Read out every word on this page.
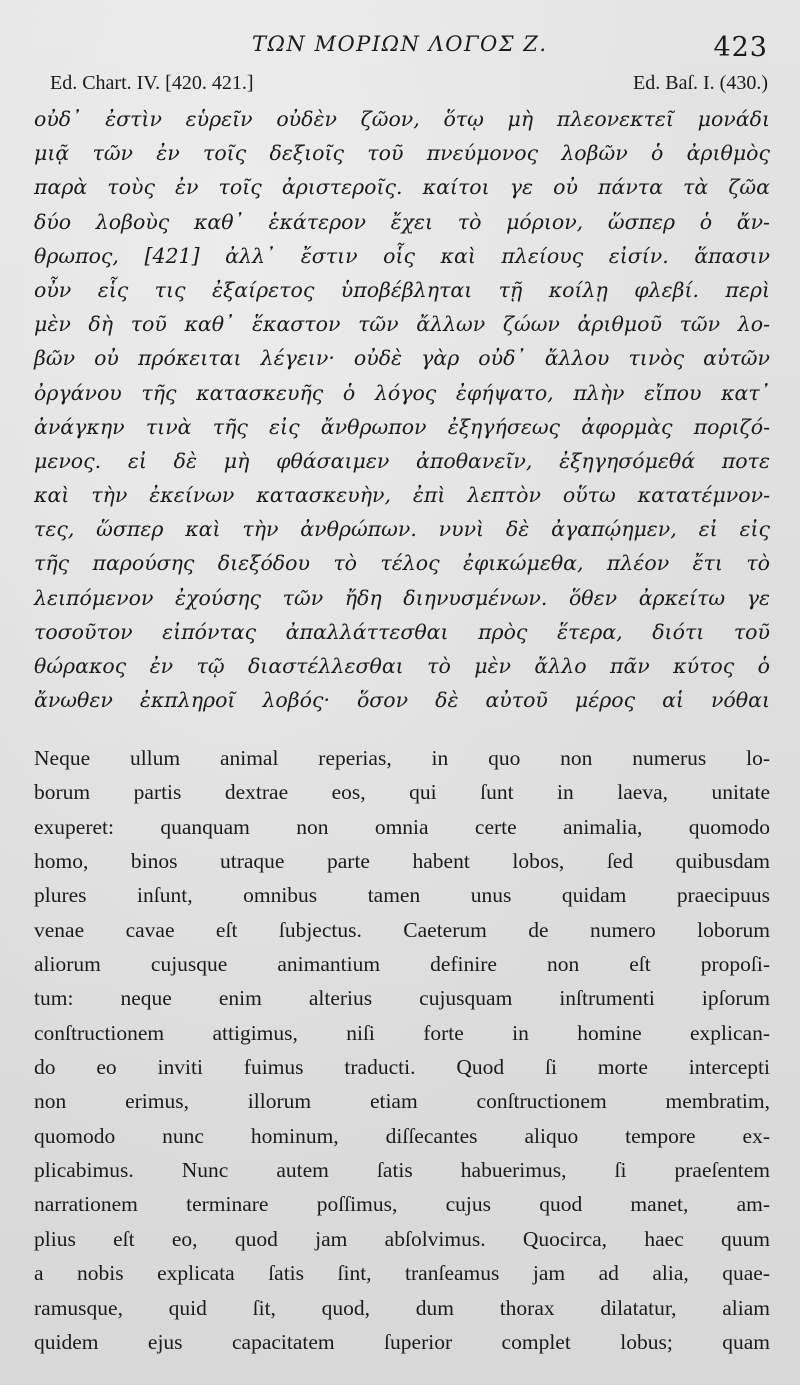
ΤΩΝ ΜΟΡΙΩΝ ΛΟΓΟΣ Ζ.	423
Ed. Chart. IV. [420. 421.]	Ed. Baſ. I. (430.)
οὐδ᾽ ἐστὶν εὑρεῖν οὐδὲν ζῶον, ὅτῳ μὴ πλεονεκτεῖ μονάδι
μιᾷ τῶν ἐν τοῖς δεξιοῖς τοῦ πνεύμονος λοβῶν ὁ ἀριθμὸς
παρὰ τοὺς ἐν τοῖς ἀριστεροῖς. καίτοι γε οὐ πάντα τὰ ζῶα
δύο λοβοὺς καθ᾽ ἑκάτερον ἔχει τὸ μόριον, ὥσπερ ὁ ἄν-
θρωπος, [421] ἀλλ᾽ ἔστιν οἷς καὶ πλείους εἰσίν. ἅπασιν
οὖν εἷς τις ἐξαίρετος ὑποβέβληται τῇ κοίλῃ φλεβί. περὶ
μὲν δὴ τοῦ καθ᾽ ἕκαστον τῶν ἄλλων ζώων ἀριθμοῦ τῶν λο-
βῶν οὐ πρόκειται λέγειν· οὐδὲ γὰρ οὐδ᾽ ἄλλου τινὸς αὐτῶν
ὀργάνου τῆς κατασκευῆς ὁ λόγος ἐφήψατο, πλὴν εἴπου κατ᾽
ἀνάγκην τινὰ τῆς εἰς ἄνθρωπον ἐξηγήσεως ἀφορμὰς ποριζό-
μενος. εἰ δὲ μὴ φθάσαιμεν ἀποθανεῖν, ἐξηγησόμεθά ποτε
καὶ τὴν ἐκείνων κατασκευὴν, ἐπὶ λεπτὸν οὕτω κατατέμνον-
τες, ὥσπερ καὶ τὴν ἀνθρώπων. νυνὶ δὲ ἀγαπῴημεν, εἰ εἰς
τῆς παρούσης διεξόδου τὸ τέλος ἐφικώμεθα, πλέον ἔτι τὸ
λειπόμενον ἐχούσης τῶν ἤδη διηνυσμένων. ὅθεν ἀρκείτω γε
τοσοῦτον εἰπόντας ἀπαλλάττεσθαι πρὸς ἕτερα, διότι τοῦ
θώρακος ἐν τῷ διαστέλλεσθαι τὸ μὲν ἄλλο πᾶν κύτος ὁ
ἄνωθεν ἐκπληροῖ λοβός· ὅσον δὲ αὐτοῦ μέρος αἱ νόθαι
Neque ullum animal reperias, in quo non numerus lo-
borum partis dextrae eos, qui ſunt in laeva, unitate
exuperet: quanquam non omnia certe animalia, quomodo
homo, binos utraque parte habent lobos, ſed quibusdam
plures inſunt, omnibus tamen unus quidam praecipuus
venae cavae eſt ſubjectus. Caeterum de numero loborum
aliorum cujusque animantium definire non eſt propoſi-
tum: neque enim alterius cujusquam inſtrumenti ipſorum
conſtructionem attigimus, niſi forte in homine explican-
do eo inviti fuimus traducti. Quod ſi morte intercepti
non erimus, illorum etiam conſtructionem membratim,
quomodo nunc hominum, diſſecantes aliquo tempore ex-
plicabimus. Nunc autem ſatis habuerimus, ſi praeſentem
narrationem terminare poſſimus, cujus quod manet, am-
plius eſt eo, quod jam abſolvimus. Quocirca, haec quum
a nobis explicata ſatis ſint, tranſeamus jam ad alia, quae-
ramusque, quid ſit, quod, dum thorax dilatatur, aliam
quidem ejus capacitatem ſuperior complet lobus; quam
